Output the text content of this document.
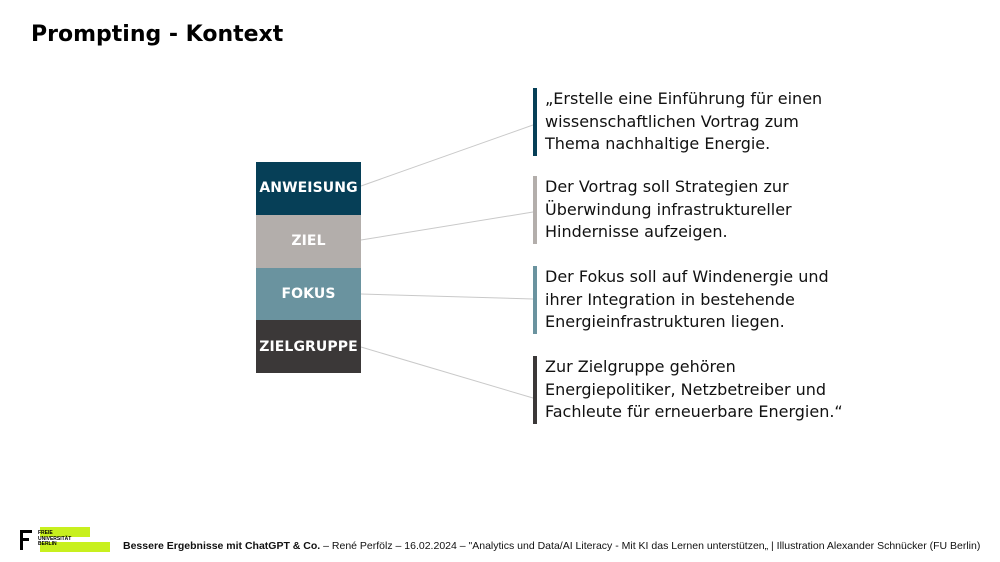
Prompting - Kontext
ANWEISUNG
ZIEL
FOKUS
ZIELGRUPPE
„Erstelle eine Einführung für einen wissenschaftlichen Vortrag zum Thema nachhaltige Energie.
Der Vortrag soll Strategien zur Überwindung infrastruktureller Hindernisse aufzeigen.
Der Fokus soll auf Windenergie und ihrer Integration in bestehende Energieinfrastrukturen liegen.
Zur Zielgruppe gehören Energiepolitiker, Netzbetreiber und Fachleute für erneuerbare Energien.“
FREIE
UNIVERSITÄT
BERLIN	Bessere Ergebnisse mit ChatGPT & Co. – René Perfölz – 16.02.2024 – "Analytics und Data/AI Literacy - Mit KI das Lernen unterstützen„ | Illustration Alexander Schnücker (FU Berlin)
